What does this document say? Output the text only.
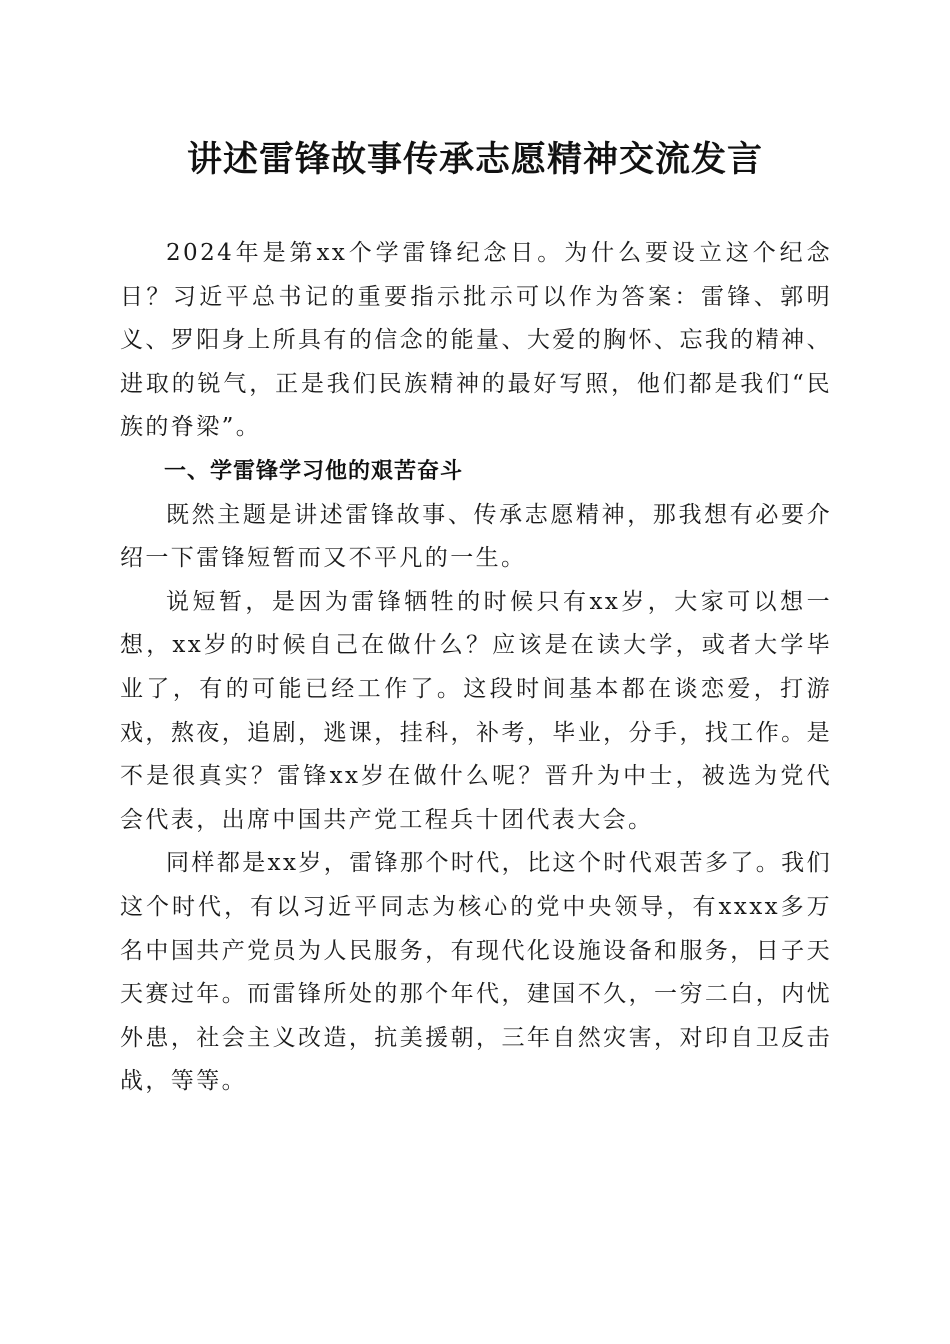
讲述雷锋故事传承志愿精神交流发言

2024年是第xx个学雷锋纪念日。为什么要设立这个纪念日？习近平总书记的重要指示批示可以作为答案：雷锋、郭明义、罗阳身上所具有的信念的能量、大爱的胸怀、忘我的精神、进取的锐气，正是我们民族精神的最好写照，他们都是我们“民族的脊梁”。

一、学雷锋学习他的艰苦奋斗

既然主题是讲述雷锋故事、传承志愿精神，那我想有必要介绍一下雷锋短暂而又不平凡的一生。

说短暂，是因为雷锋牺牲的时候只有xx岁，大家可以想一想，xx岁的时候自己在做什么？应该是在读大学，或者大学毕业了，有的可能已经工作了。这段时间基本都在谈恋爱，打游戏，熬夜，追剧，逃课，挂科，补考，毕业，分手，找工作。是不是很真实？雷锋xx岁在做什么呢？晋升为中士，被选为党代会代表，出席中国共产党工程兵十团代表大会。

同样都是xx岁，雷锋那个时代，比这个时代艰苦多了。我们这个时代，有以习近平同志为核心的党中央领导，有xxxx多万名中国共产党员为人民服务，有现代化设施设备和服务，日子天天赛过年。而雷锋所处的那个年代，建国不久，一穷二白，内忧外患，社会主义改造，抗美援朝，三年自然灾害，对印自卫反击战，等等。
